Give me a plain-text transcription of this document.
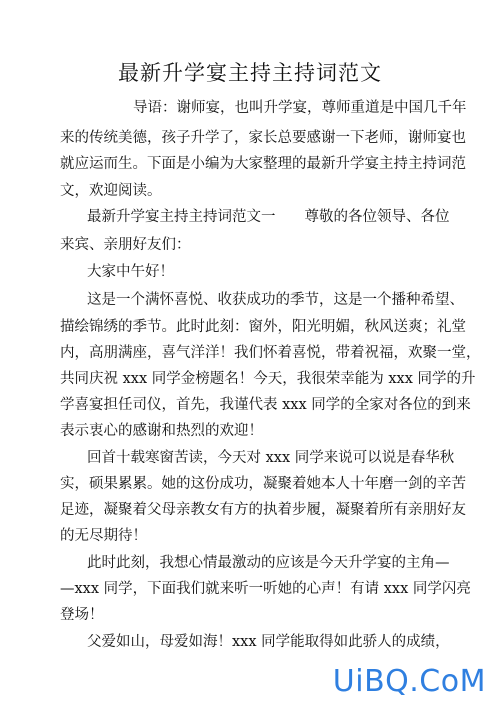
最新升学宴主持主持词范文
导语：谢师宴，也叫升学宴，尊师重道是中国几千年
来的传统美德，孩子升学了，家长总要感谢一下老师，谢师宴也
就应运而生。下面是小编为大家整理的最新升学宴主持主持词范
文，欢迎阅读。
最新升学宴主持主持词范文一　　尊敬的各位领导、各位
来宾、亲朋好友们：
大家中午好！
这是一个满怀喜悦、收获成功的季节，这是一个播种希望、
描绘锦绣的季节。此时此刻：窗外，阳光明媚，秋风送爽；礼堂
内，高朋满座，喜气洋洋！我们怀着喜悦，带着祝福，欢聚一堂，
共同庆祝 xxx 同学金榜题名！今天，我很荣幸能为 xxx 同学的升
学喜宴担任司仪，首先，我谨代表 xxx 同学的全家对各位的到来
表示衷心的感谢和热烈的欢迎！
回首十载寒窗苦读，今天对 xxx 同学来说可以说是春华秋
实，硕果累累。她的这份成功，凝聚着她本人十年磨一剑的辛苦
足迹，凝聚着父母亲教女有方的执着步履，凝聚着所有亲朋好友
的无尽期待！
此时此刻，我想心情最激动的应该是今天升学宴的主角—
—xxx 同学，下面我们就来听一听她的心声！有请 xxx 同学闪亮
登场！
父爱如山，母爱如海！xxx 同学能取得如此骄人的成绩，
UiBQ.CoM
